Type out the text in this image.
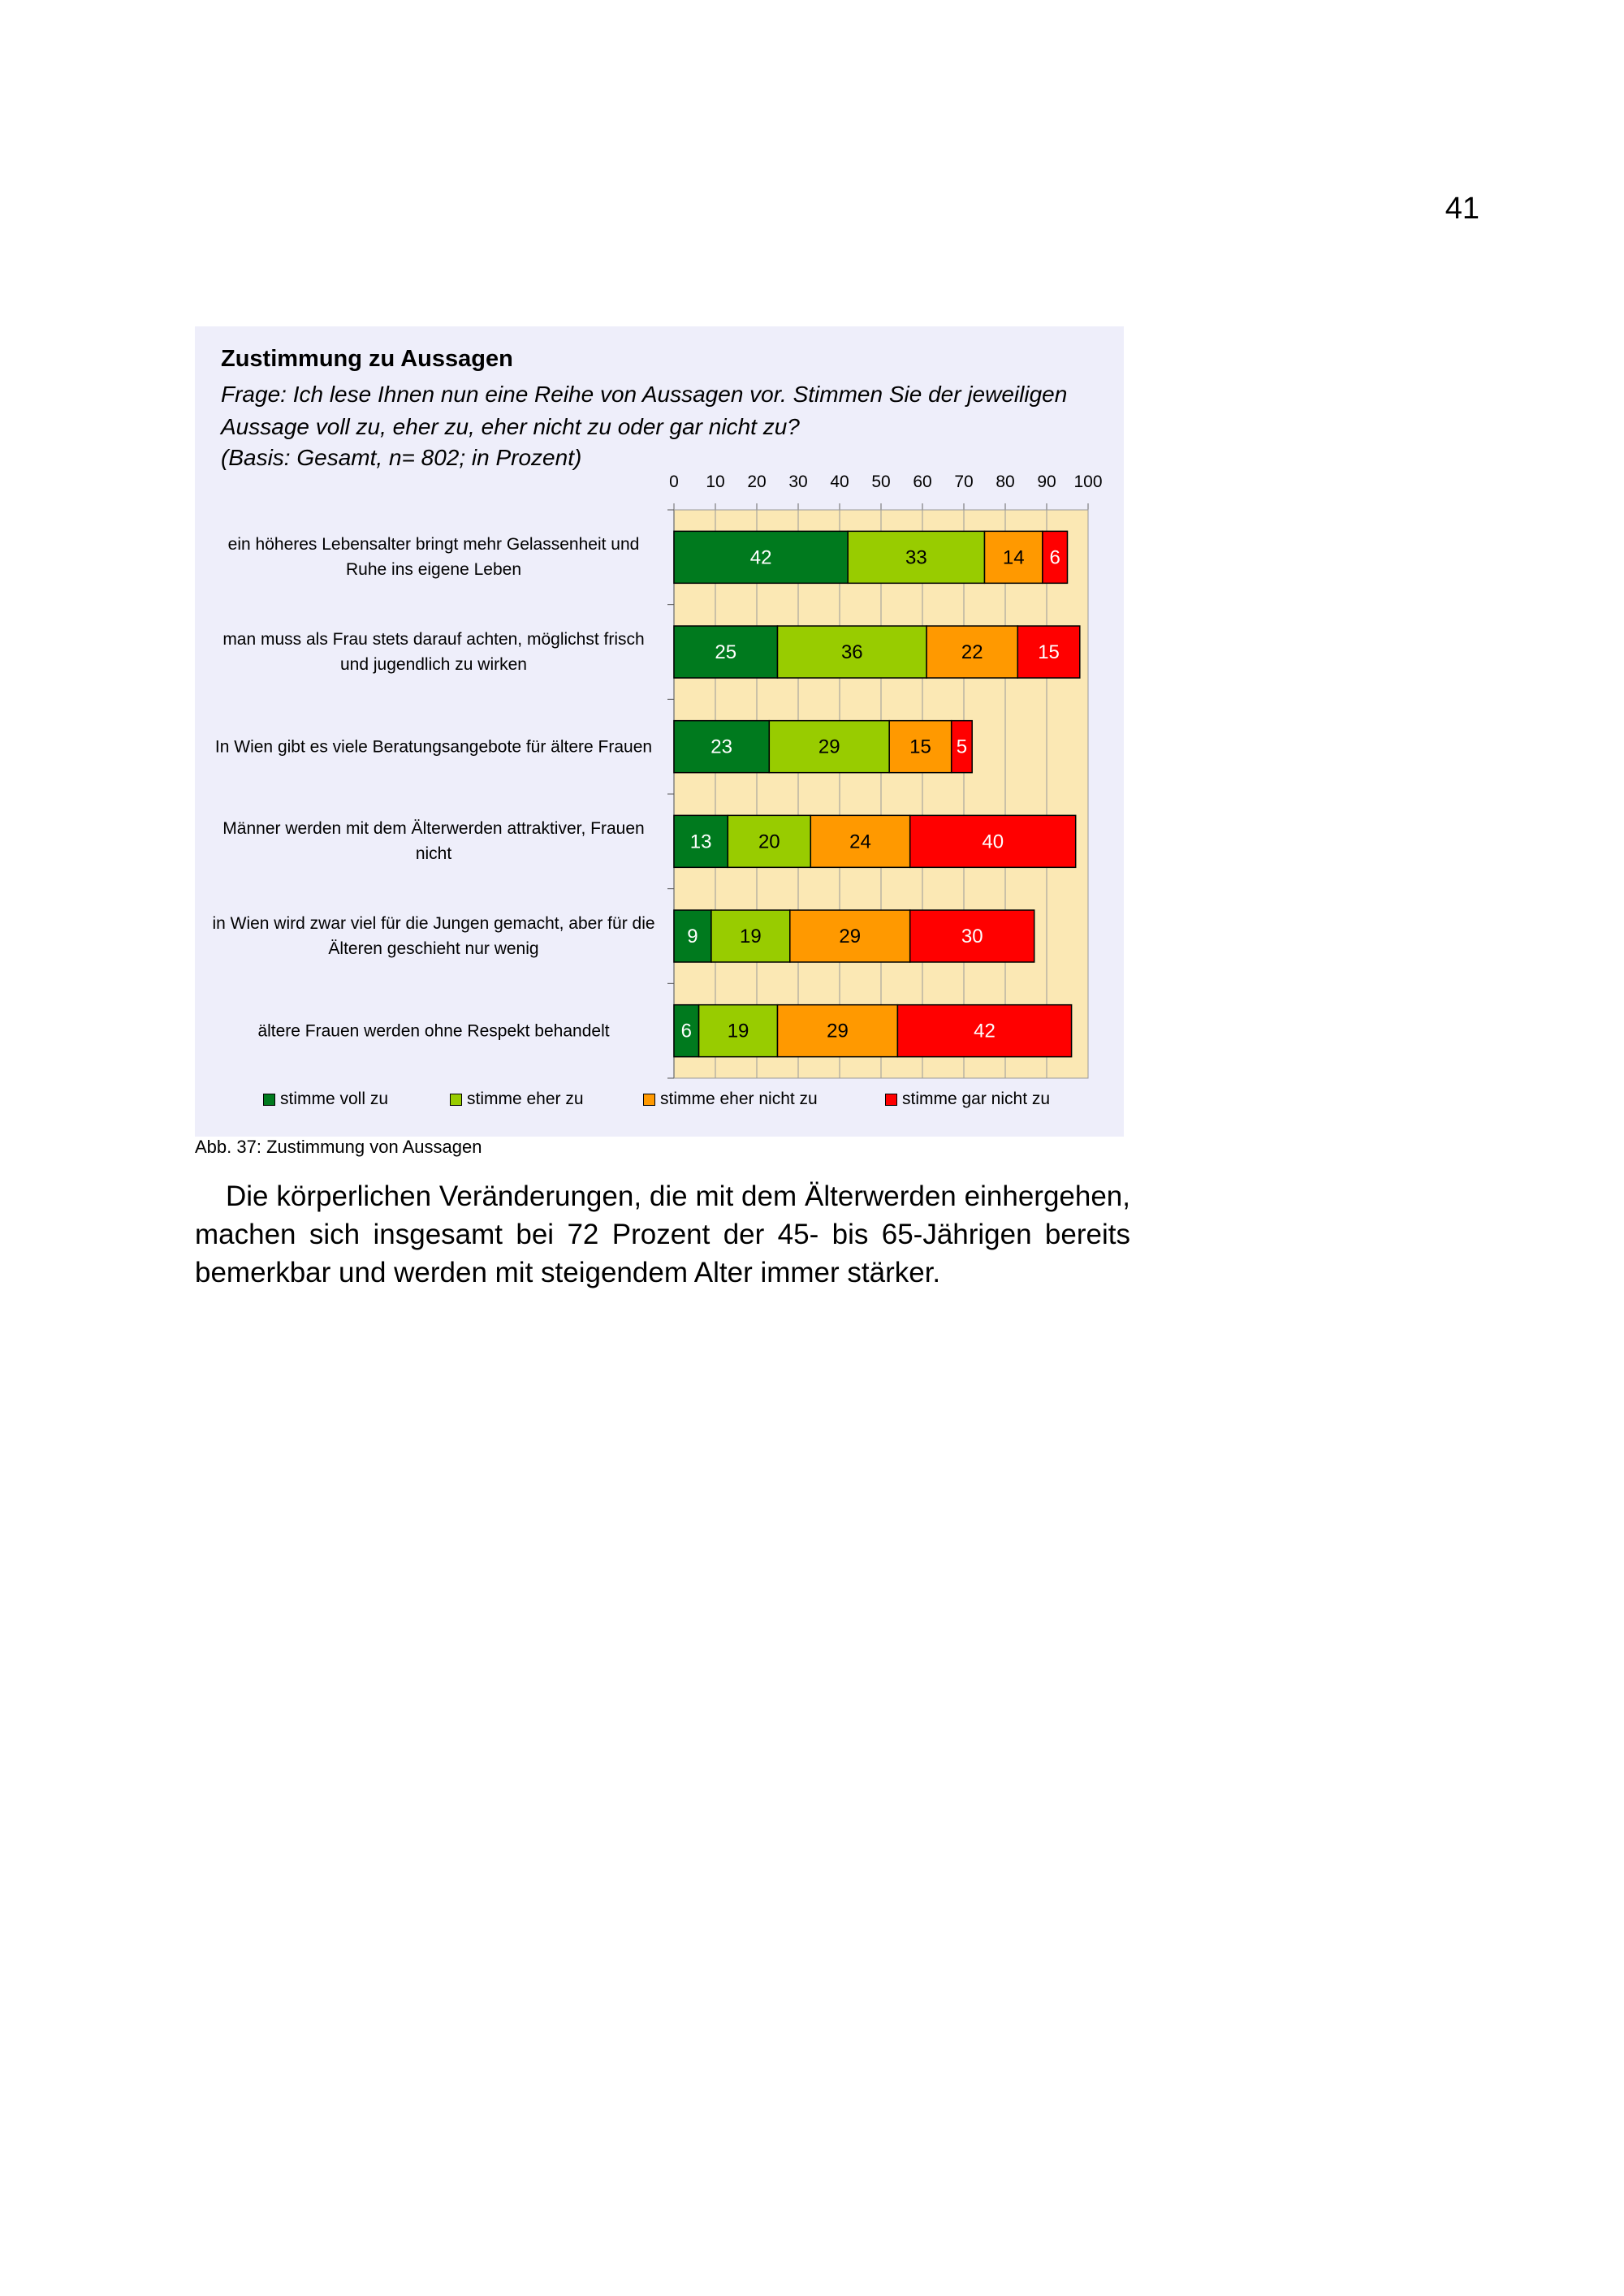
41
Zustimmung zu Aussagen
Frage: Ich lese Ihnen nun eine Reihe von Aussagen vor. Stimmen Sie der jeweiligen Aussage voll zu, eher zu, eher nicht zu oder gar nicht zu?
(Basis: Gesamt, n= 802; in Prozent)
ein höheres Lebensalter bringt mehr Gelassenheit und Ruhe ins eigene Leben
man muss als Frau stets darauf achten, möglichst frisch und jugendlich zu wirken
In Wien gibt es viele Beratungsangebote für ältere Frauen
Männer werden mit dem Älterwerden attraktiver, Frauen nicht
in Wien wird zwar viel für die Jungen gemacht, aber für die Älteren geschieht nur wenig
ältere Frauen werden ohne Respekt behandelt
0 10 20 30 40 50 60 70 80 90 100
42	33	14 6
25	36	22	15
23	29	15 5
13 20	24	40
9 19	29	30
6 19	29	42
stimme voll zu	stimme eher zu	stimme eher nicht zu	stimme gar nicht zu
Abb. 37: Zustimmung von Aussagen
Die körperlichen Veränderungen, die mit dem Älterwerden einhergehen, machen sich insgesamt bei 72 Prozent der 45- bis 65-Jährigen bereits bemerkbar und werden mit steigendem Alter immer stärker.
